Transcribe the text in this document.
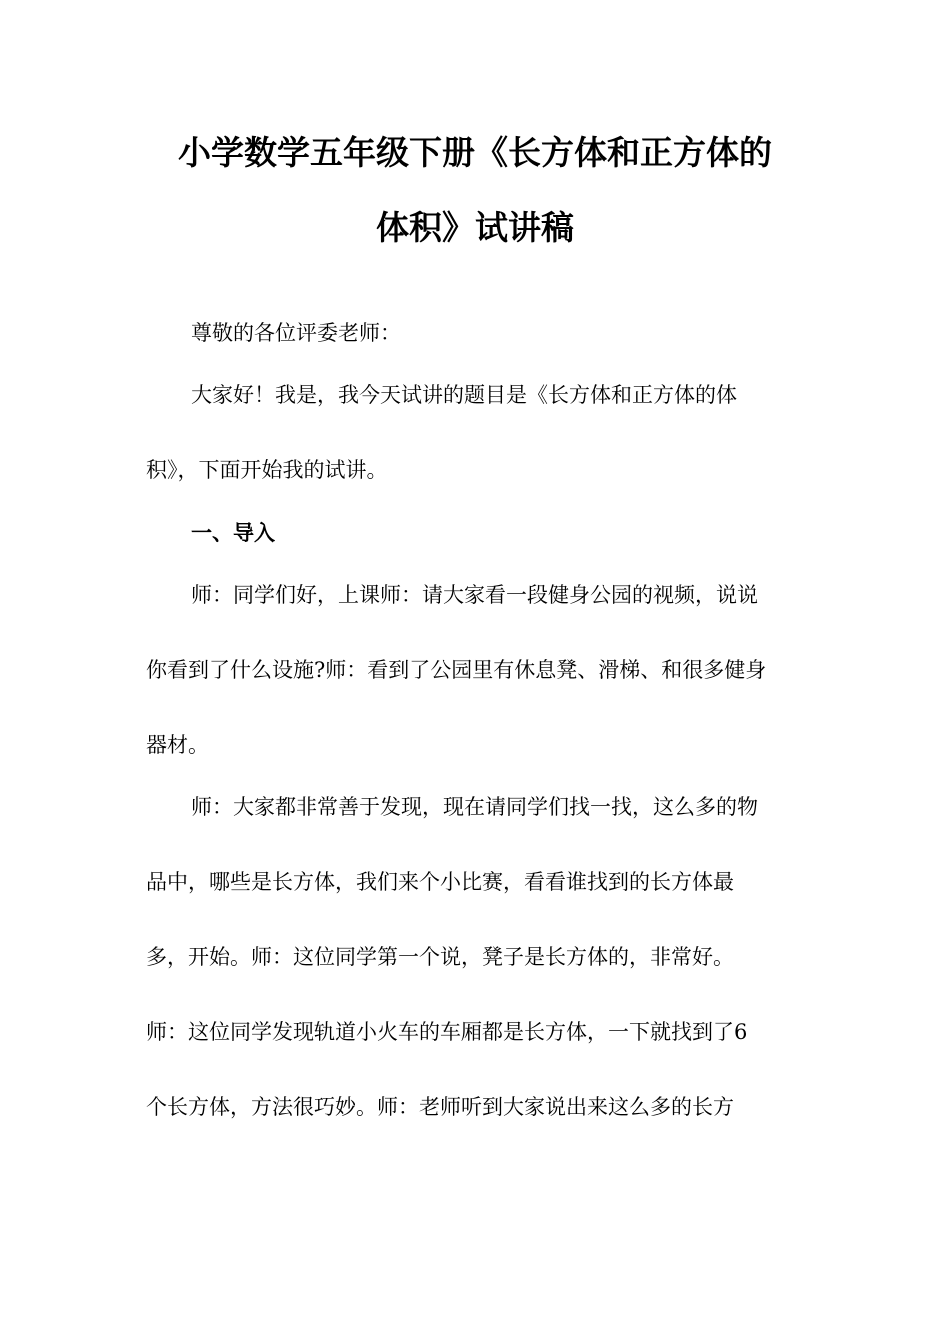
小学数学五年级下册《长方体和正方体的
体积》试讲稿
尊敬的各位评委老师：
大家好！我是，我今天试讲的题目是《长方体和正方体的体
积》，下面开始我的试讲。
一、导入
师：同学们好，上课师：请大家看一段健身公园的视频，说说
你看到了什么设施?师：看到了公园里有休息凳、滑梯、和很多健身
器材。
师：大家都非常善于发现，现在请同学们找一找，这么多的物
品中，哪些是长方体，我们来个小比赛，看看谁找到的长方体最
多，开始。师：这位同学第一个说，凳子是长方体的，非常好。
师：这位同学发现轨道小火车的车厢都是长方体，一下就找到了6
个长方体，方法很巧妙。师：老师听到大家说出来这么多的长方
